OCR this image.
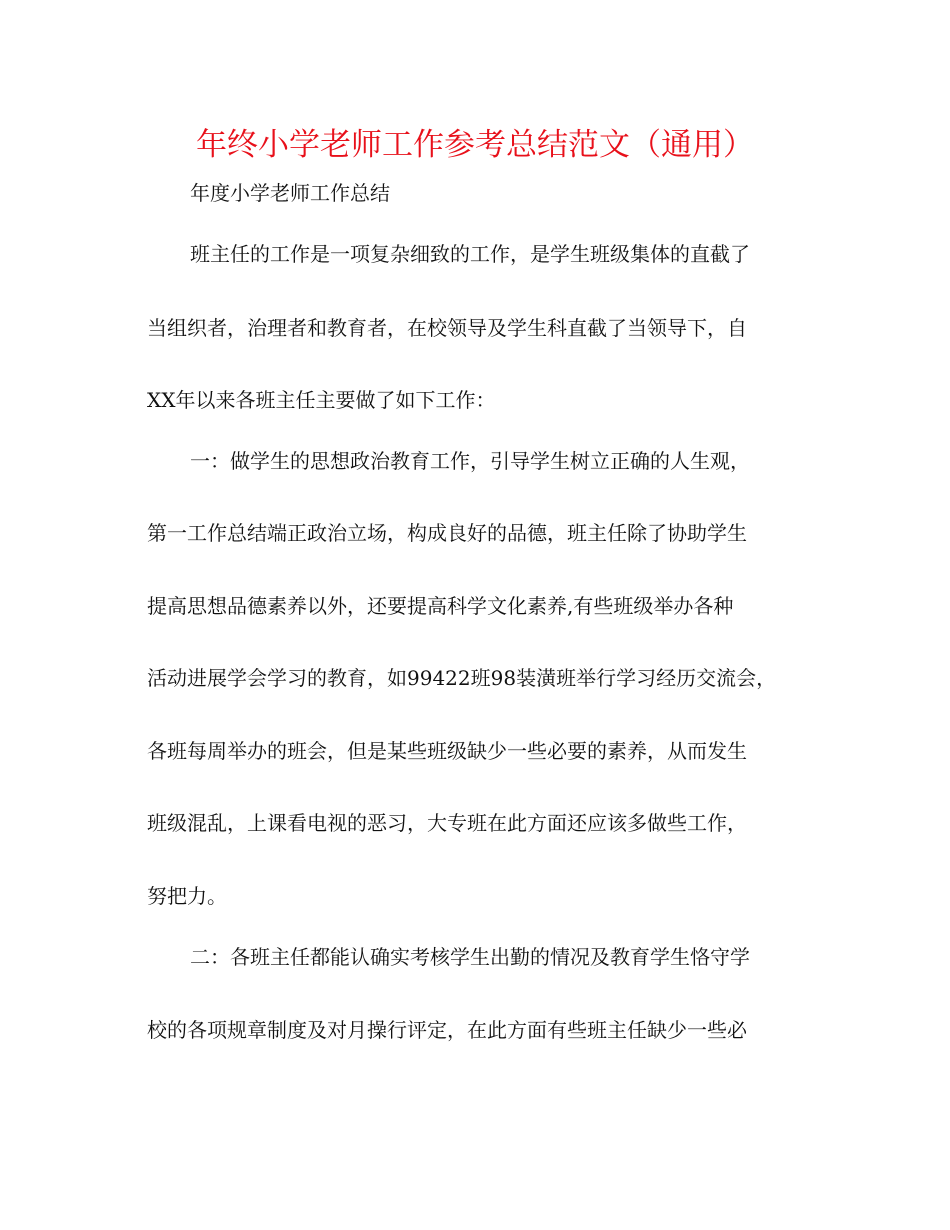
年终小学老师工作参考总结范文（通用）

年度小学老师工作总结

班主任的工作是一项复杂细致的工作，是学生班级集体的直截了

当组织者，治理者和教育者，在校领导及学生科直截了当领导下，自

XX年以来各班主任主要做了如下工作：

一：做学生的思想政治教育工作，引导学生树立正确的人生观，

第一工作总结端正政治立场，构成良好的品德，班主任除了协助学生

提高思想品德素养以外，还要提高科学文化素养,有些班级举办各种

活动进展学会学习的教育，如99422班98装潢班举行学习经历交流会，

各班每周举办的班会，但是某些班级缺少一些必要的素养，从而发生

班级混乱，上课看电视的恶习，大专班在此方面还应该多做些工作，

努把力。

二：各班主任都能认确实考核学生出勤的情况及教育学生恪守学

校的各项规章制度及对月操行评定，在此方面有些班主任缺少一些必
